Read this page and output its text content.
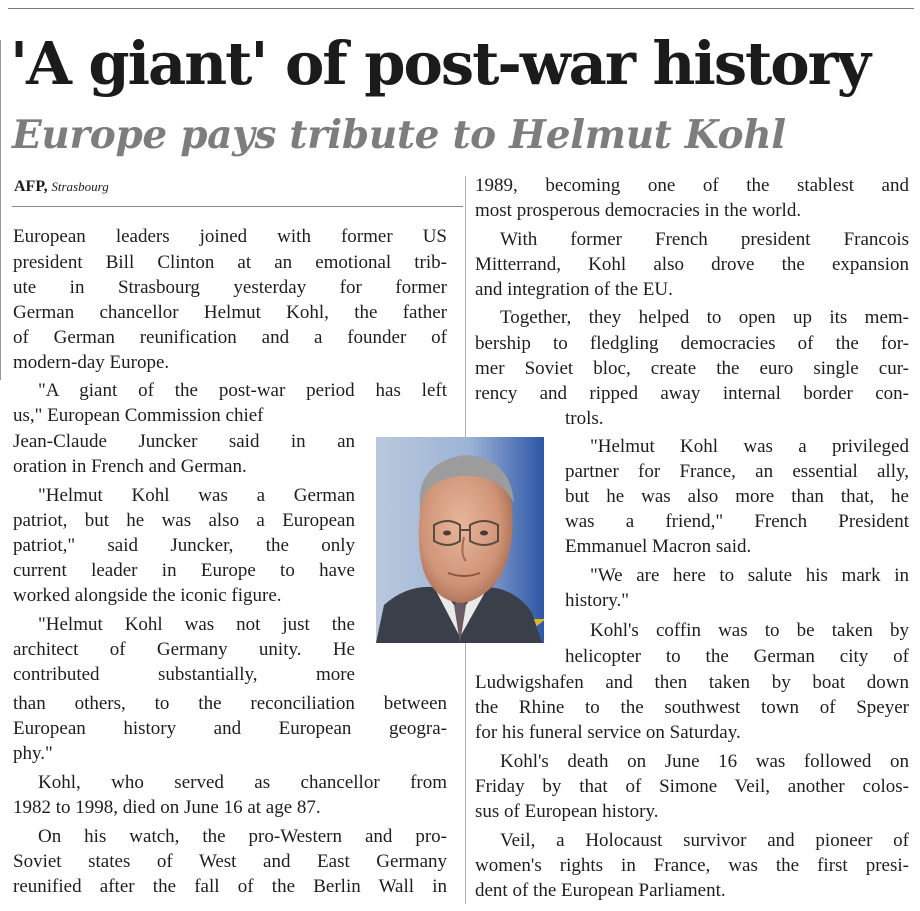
'A giant' of post-war history
Europe pays tribute to Helmut Kohl
AFP, Strasbourg
European leaders joined with former US
president Bill Clinton at an emotional trib-
ute in Strasbourg yesterday for former
German chancellor Helmut Kohl, the father
of German reunification and a founder of
modern-day Europe.
"A giant of the post-war period has left
us," European Commission chief
Jean-Claude Juncker said in an
oration in French and German.
"Helmut Kohl was a German
patriot, but he was also a European
patriot," said Juncker, the only
current leader in Europe to have
worked alongside the iconic figure.
"Helmut Kohl was not just the
architect of Germany unity. He
contributed substantially, more
than others, to the reconciliation between
European history and European geogra-
phy."
Kohl, who served as chancellor from
1982 to 1998, died on June 16 at age 87.
On his watch, the pro-Western and pro-
Soviet states of West and East Germany
reunified after the fall of the Berlin Wall in
1989, becoming one of the stablest and
most prosperous democracies in the world.
With former French president Francois
Mitterrand, Kohl also drove the expansion
and integration of the EU.
Together, they helped to open up its mem-
bership to fledgling democracies of the for-
mer Soviet bloc, create the euro single cur-
rency and ripped away internal border con-
trols.
"Helmut Kohl was a privileged
partner for France, an essential ally,
but he was also more than that, he
was a friend," French President
Emmanuel Macron said.
"We are here to salute his mark in
history."
Kohl's coffin was to be taken by
helicopter to the German city of
Ludwigshafen and then taken by boat down
the Rhine to the southwest town of Speyer
for his funeral service on Saturday.
Kohl's death on June 16 was followed on
Friday by that of Simone Veil, another colos-
sus of European history.
Veil, a Holocaust survivor and pioneer of
women's rights in France, was the first presi-
dent of the European Parliament.
